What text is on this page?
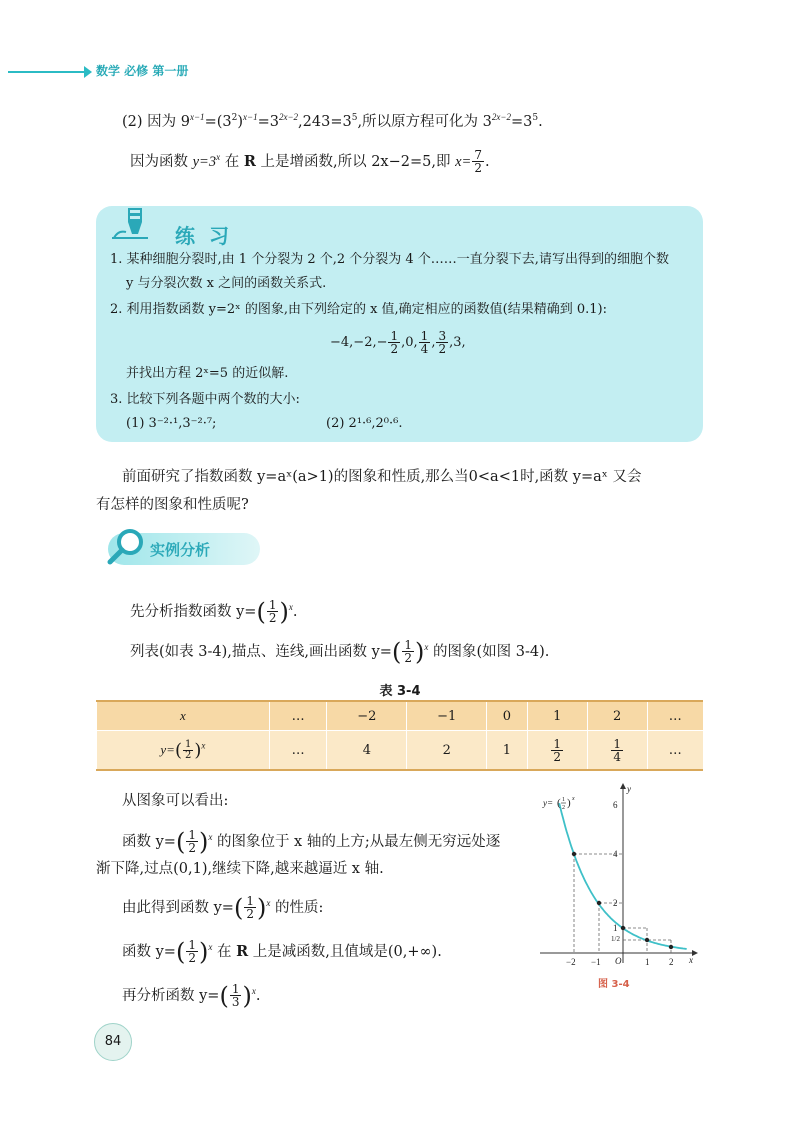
数学 必修 第一册
(2) 因为 $9^{x-1}=(3^2)^{x-1}=3^{2x-2},243=3^5$,所以原方程可化为 $3^{2x-2}=3^5$.
因为函数 $y=3^x$ 在 R 上是增函数,所以 2x−2=5,即 $x= \frac{7}{2}$ .
练习
1. 某种细胞分裂时,由 1 个分裂为 2 个,2 个分裂为 4 个……一直分裂下去,请写出得到的细胞个数
y 与分裂次数 x 之间的函数关系式.
2. 利用指数函数 y=2ˣ 的图象,由下列给定的 x 值,确定相应的函数值(结果精确到 0.1):
$-4,-2,- \frac{1}{2} ,0$, $\frac{1}{4}$ , $\frac{3}{2} ,3$,
并找出方程 2ˣ=5 的近似解.
3. 比较下列各题中两个数的大小:
(1) 3⁻²·¹,3⁻²·⁷;	(2) 2¹·⁶,2⁰·⁶.
前面研究了指数函数 y=aˣ(a>1)的图象和性质,那么当0<a<1时,函数 y=aˣ 又会
有怎样的图象和性质呢?
实例分析
先分析指数函数 $y=( \frac{1}{2} )^x$.
列表(如表 3-4),描点、连线,画出函数 $y=( \frac{1}{2} )^x$ 的图象(如图 3-4).
表 3-4
x	…	−2	−1	0	1	2	…
$y=( \frac{1}{2} )^x$	…	4	2	1	$\frac{1}{2}$	$\frac{1}{4}$	…
从图象可以看出:
函数 $y=( \frac{1}{2} )^x$ 的图象位于 x 轴的上方;从最左侧无穷远处逐
渐下降,过点(0,1),继续下降,越来越逼近 x 轴.
由此得到函数 $y=( \frac{1}{2} )^x$ 的性质:
函数 $y=( \frac{1}{2} )^x$ 在 R 上是减函数,且值域是(0,+∞).
再分析函数 $y=( \frac{1}{3} )^x$.
6
4
2
1
1/2
−2 −1	1 2
O	x
y
y= ( 1
2 ) x
图 3-4
84
